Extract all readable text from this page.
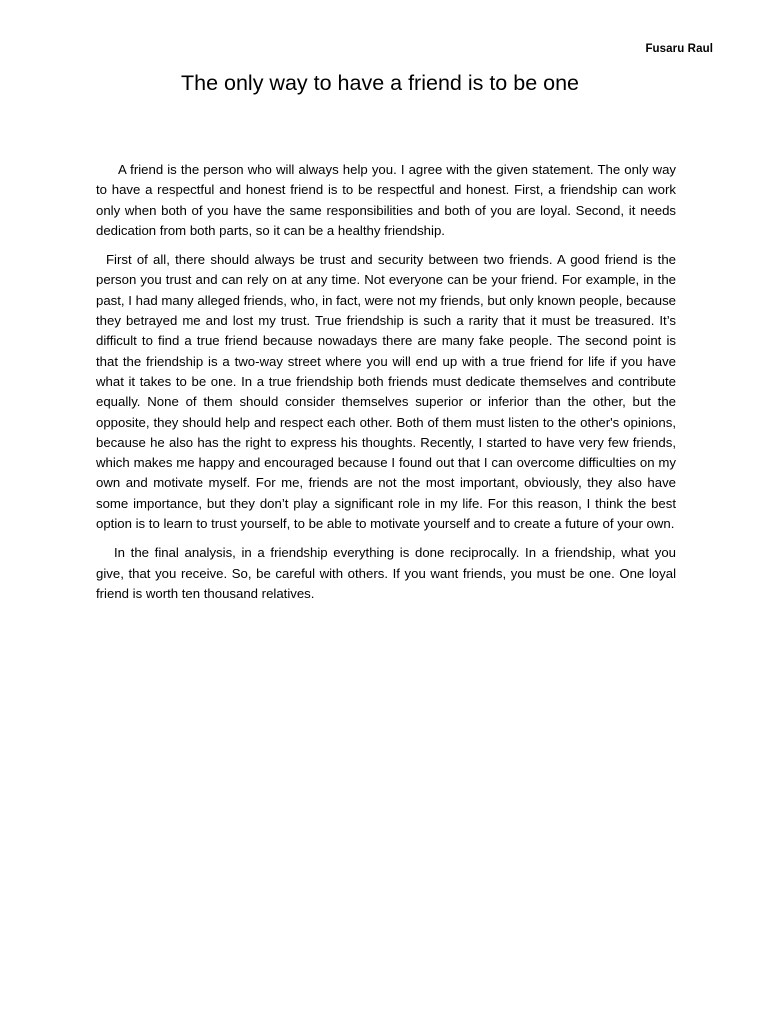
Fusaru Raul
The only way to have a friend is to be one

A friend is the person who will always help you. I agree with the given statement. The only way to have a respectful and honest friend is to be respectful and honest. First, a friendship can work only when both of you have the same responsibilities and both of you are loyal. Second, it needs dedication from both parts, so it can be a healthy friendship.

First of all, there should always be trust and security between two friends. A good friend is the person you trust and can rely on at any time. Not everyone can be your friend. For example, in the past, I had many alleged friends, who, in fact, were not my friends, but only known people, because they betrayed me and lost my trust. True friendship is such a rarity that it must be treasured. It’s difficult to find a true friend because nowadays there are many fake people. The second point is that the friendship is a two-way street where you will end up with a true friend for life if you have what it takes to be one. In a true friendship both friends must dedicate themselves and contribute equally. None of them should consider themselves superior or inferior than the other, but the opposite, they should help and respect each other. Both of them must listen to the other's opinions, because he also has the right to express his thoughts. Recently, I started to have very few friends, which makes me happy and encouraged because I found out that I can overcome difficulties on my own and motivate myself. For me, friends are not the most important, obviously, they also have some importance, but they don’t play a significant role in my life. For this reason, I think the best option is to learn to trust yourself, to be able to motivate yourself and to create a future of your own.

In the final analysis, in a friendship everything is done reciprocally. In a friendship, what you give, that you receive. So, be careful with others. If you want friends, you must be one. One loyal friend is worth ten thousand relatives.
